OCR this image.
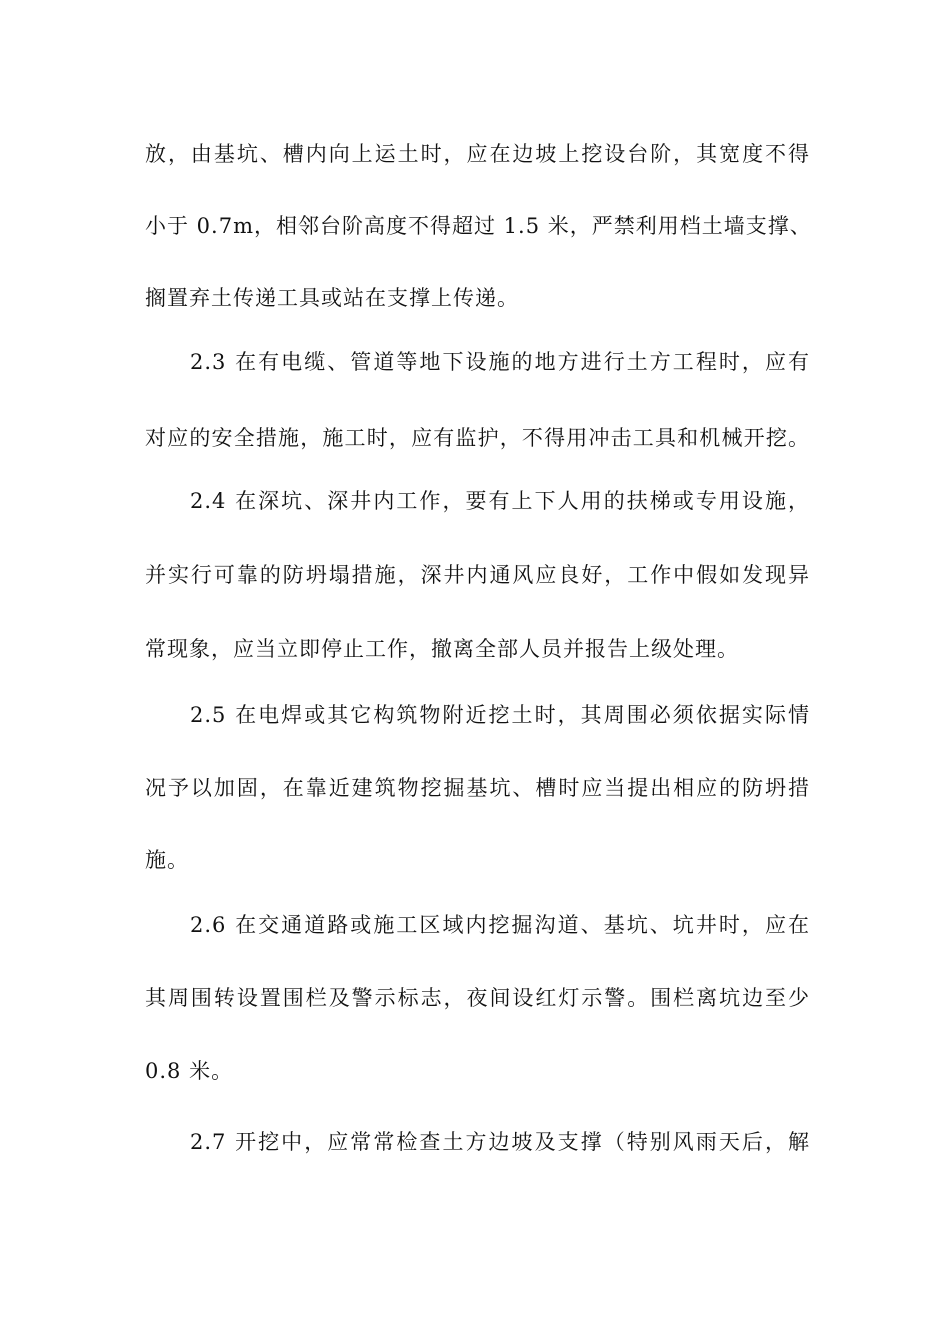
放，由基坑、槽内向上运土时，应在边坡上挖设台阶，其宽度不得
小于 0.7m，相邻台阶高度不得超过 1.5 米，严禁利用档土墙支撑、
搁置弃土传递工具或站在支撑上传递。
2.3 在有电缆、管道等地下设施的地方进行土方工程时，应有
对应的安全措施，施工时，应有监护，不得用冲击工具和机械开挖。
2.4 在深坑、深井内工作，要有上下人用的扶梯或专用设施，
并实行可靠的防坍塌措施，深井内通风应良好，工作中假如发现异
常现象，应当立即停止工作，撤离全部人员并报告上级处理。
2.5 在电焊或其它构筑物附近挖土时，其周围必须依据实际情
况予以加固，在靠近建筑物挖掘基坑、槽时应当提出相应的防坍措
施。
2.6 在交通道路或施工区域内挖掘沟道、基坑、坑井时，应在
其周围转设置围栏及警示标志，夜间设红灯示警。围栏离坑边至少
0.8 米。
2.7 开挖中，应常常检查土方边坡及支撑（特别风雨天后，解
